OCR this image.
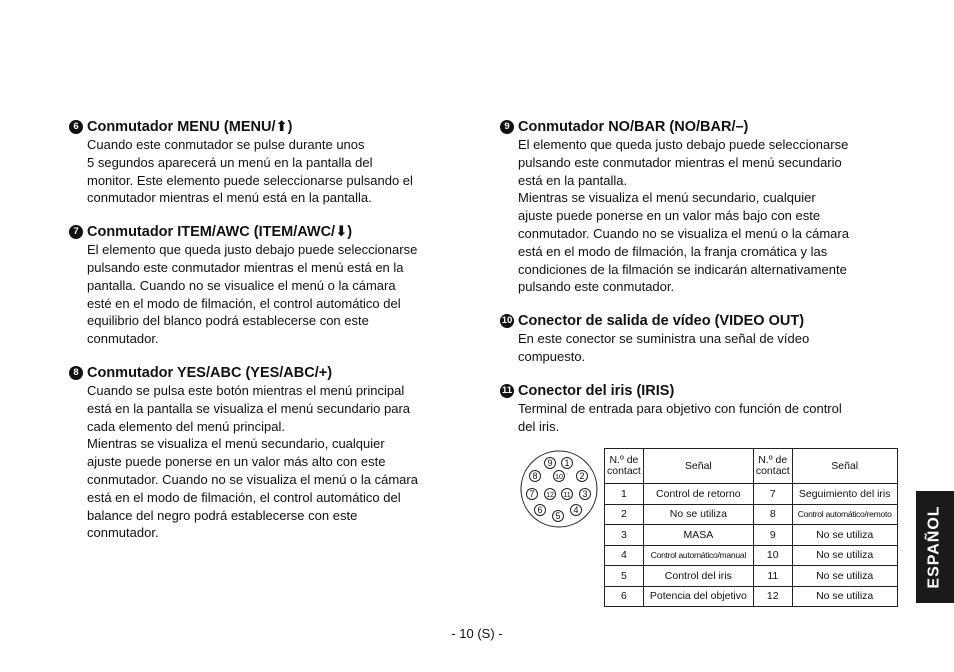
6 Conmutador MENU (MENU/⬆)

Cuando este conmutador se pulse durante unos

5 segundos aparecerá un menú en la pantalla del

monitor. Este elemento puede seleccionarse pulsando el

conmutador mientras el menú está en la pantalla.

7 Conmutador ITEM/AWC (ITEM/AWC/⬇)

El elemento que queda justo debajo puede seleccionarse

pulsando este conmutador mientras el menú está en la

pantalla. Cuando no se visualice el menú o la cámara

esté en el modo de filmación, el control automático del

equilibrio del blanco podrá establecerse con este

conmutador.

8 Conmutador YES/ABC (YES/ABC/+)

Cuando se pulsa este botón mientras el menú principal

está en la pantalla se visualiza el menú secundario para

cada elemento del menú principal.

Mientras se visualiza el menú secundario, cualquier

ajuste puede ponerse en un valor más alto con este

conmutador. Cuando no se visualiza el menú o la cámara

está en el modo de filmación, el control automático del

balance del negro podrá establecerse con este

conmutador.

9 Conmutador NO/BAR (NO/BAR/–)

El elemento que queda justo debajo puede seleccionarse

pulsando este conmutador mientras el menú secundario

está en la pantalla.

Mientras se visualiza el menú secundario, cualquier

ajuste puede ponerse en un valor más bajo con este

conmutador. Cuando no se visualiza el menú o la cámara

está en el modo de filmación, la franja cromática y las

condiciones de la filmación se indicarán alternativamente

pulsando este conmutador.

10 Conector de salida de vídeo (VIDEO OUT)

En este conector se suministra una señal de vídeo

compuesto.

11 Conector del iris (IRIS)

Terminal de entrada para objetivo con función de control

del iris.

9 1
8	10 2
7 12 11 3
6	4
5
N.º de contact	Señal	N.º de contact	Señal
1	Control de retorno	7	Seguimiento del iris
2	No se utiliza	8	Control automático/remoto
3	MASA	9	No se utiliza
4	Control automático/manual	10	No se utiliza
5	Control del iris	11	No se utiliza
6	Potencia del objetivo	12	No se utiliza
- 10 (S) -
ESPAÑOL
